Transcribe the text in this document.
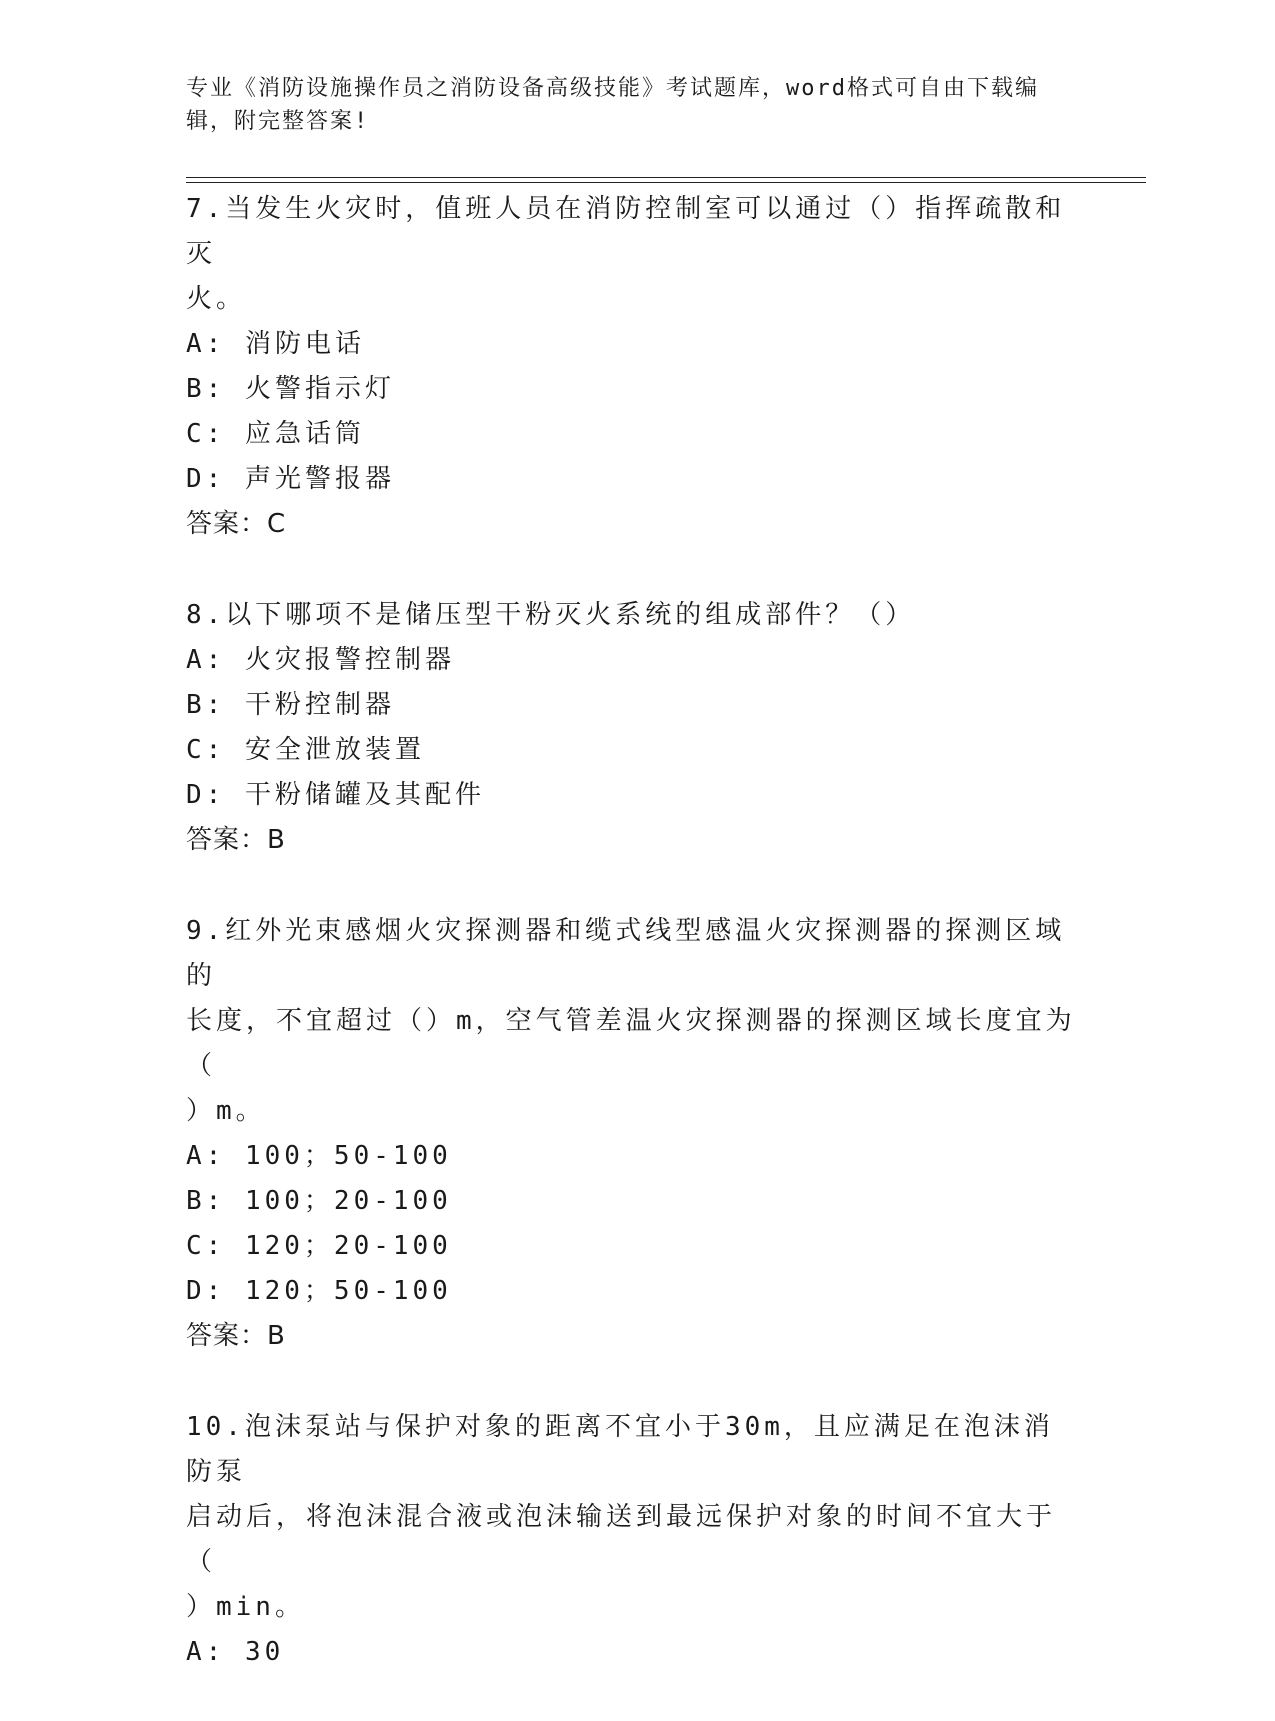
专业《消防设施操作员之消防设备高级技能》考试题库，word格式可自由下载编
辑，附完整答案!

7.当发生火灾时，值班人员在消防控制室可以通过（）指挥疏散和灭
火。

A: 消防电话

B: 火警指示灯

C: 应急话筒

D: 声光警报器

答案：C

8.以下哪项不是储压型干粉灭火系统的组成部件？（）

A: 火灾报警控制器

B: 干粉控制器

C: 安全泄放装置

D: 干粉储罐及其配件

答案：B

9.红外光束感烟火灾探测器和缆式线型感温火灾探测器的探测区域的
长度，不宜超过（）m，空气管差温火灾探测器的探测区域长度宜为（
）m。

A: 100；50-100

B: 100；20-100

C: 120；20-100

D: 120；50-100

答案：B

10.泡沫泵站与保护对象的距离不宜小于30m，且应满足在泡沫消防泵
启动后，将泡沫混合液或泡沫输送到最远保护对象的时间不宜大于（
）min。

A: 30
